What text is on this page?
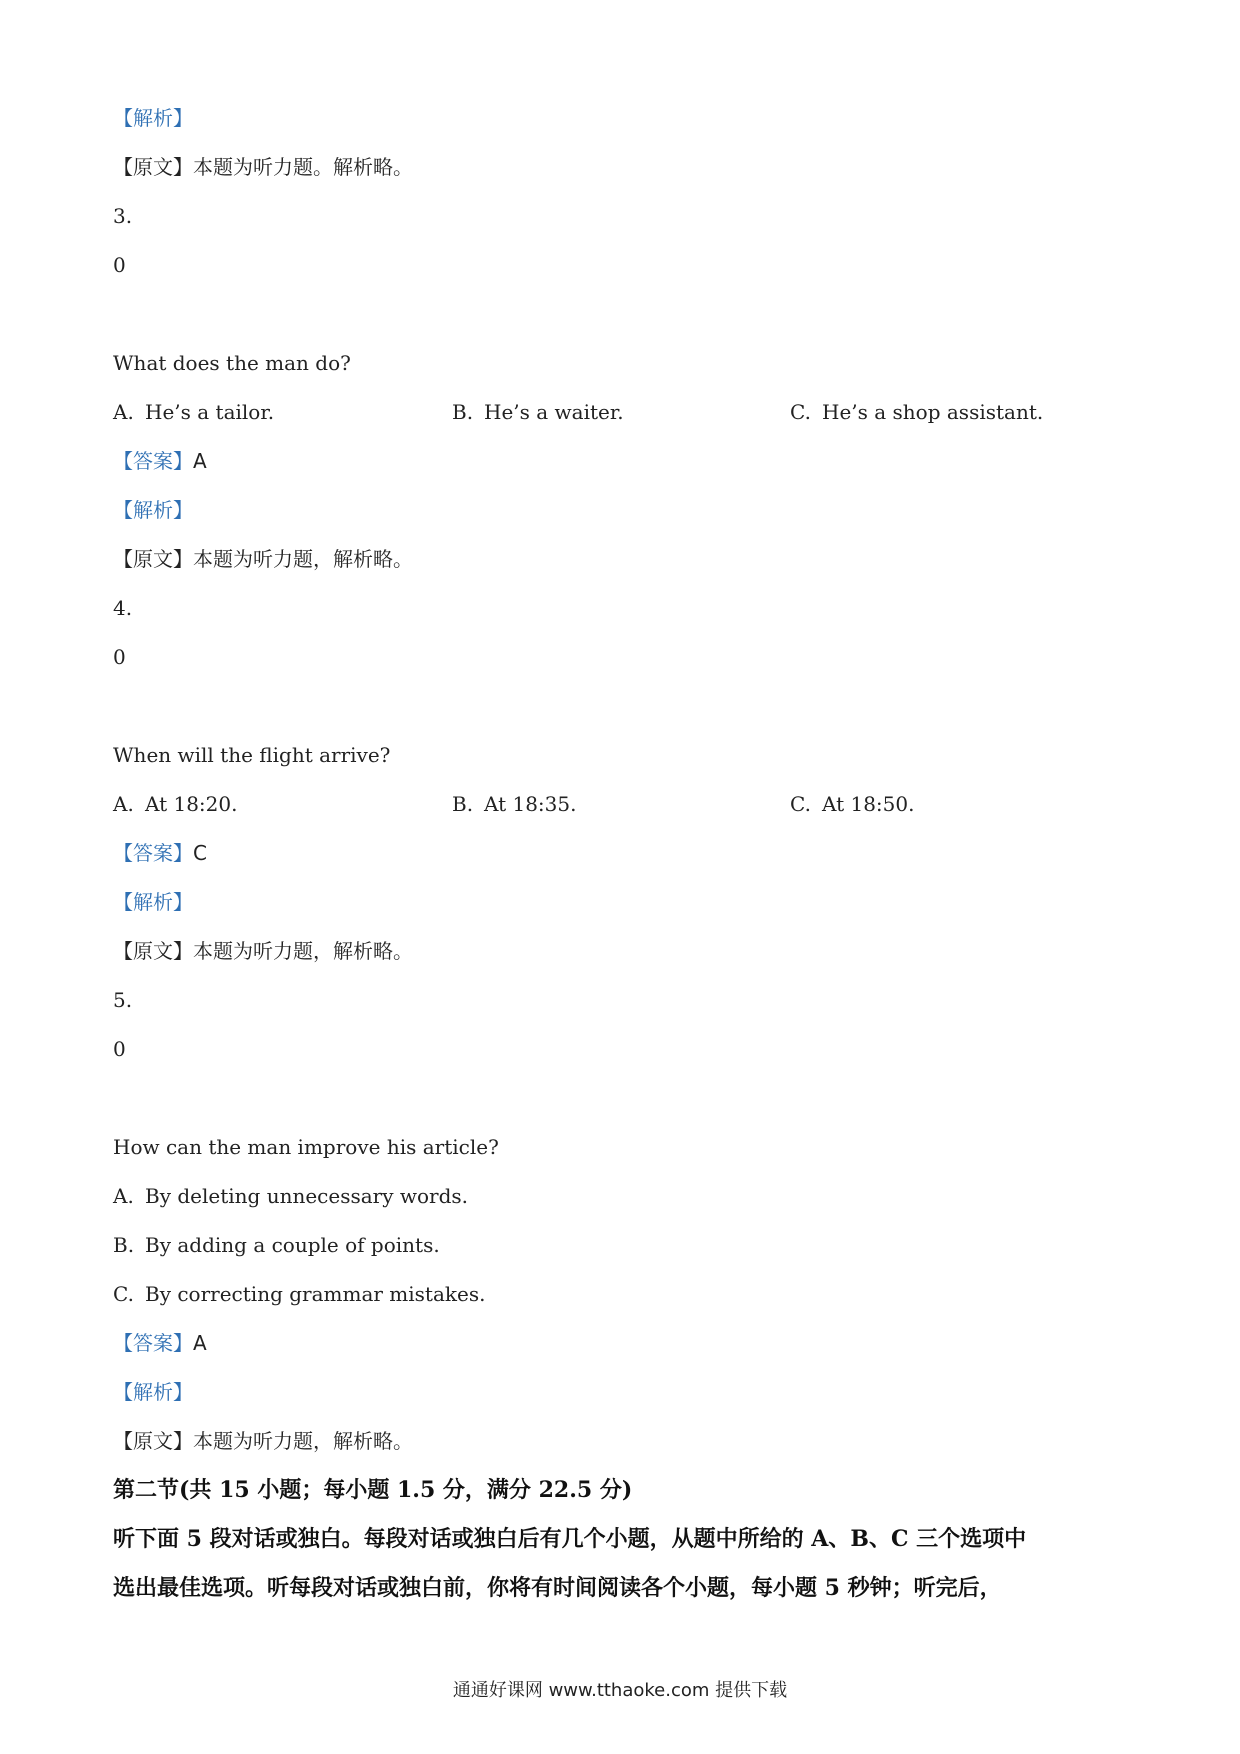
【解析】
【原文】本题为听力题。解析略。
3.
0
What does the man do?
A. He’s a tailor.	B. He’s a waiter.	C. He’s a shop assistant.
【答案】A
【解析】
【原文】本题为听力题，解析略。
4.
0
When will the flight arrive?
A. At 18:20.	B. At 18:35.	C. At 18:50.
【答案】C
【解析】
【原文】本题为听力题，解析略。
5.
0
How can the man improve his article?
A. By deleting unnecessary words.
B. By adding a couple of points.
C. By correcting grammar mistakes.
【答案】A
【解析】
【原文】本题为听力题，解析略。
第二节(共 15 小题；每小题 1.5 分，满分 22.5 分)
听下面 5 段对话或独白。每段对话或独白后有几个小题，从题中所给的 A、B、C 三个选项中
选出最佳选项。听每段对话或独白前，你将有时间阅读各个小题，每小题 5 秒钟；听完后，
通通好课网 www.tthaoke.com 提供下载
